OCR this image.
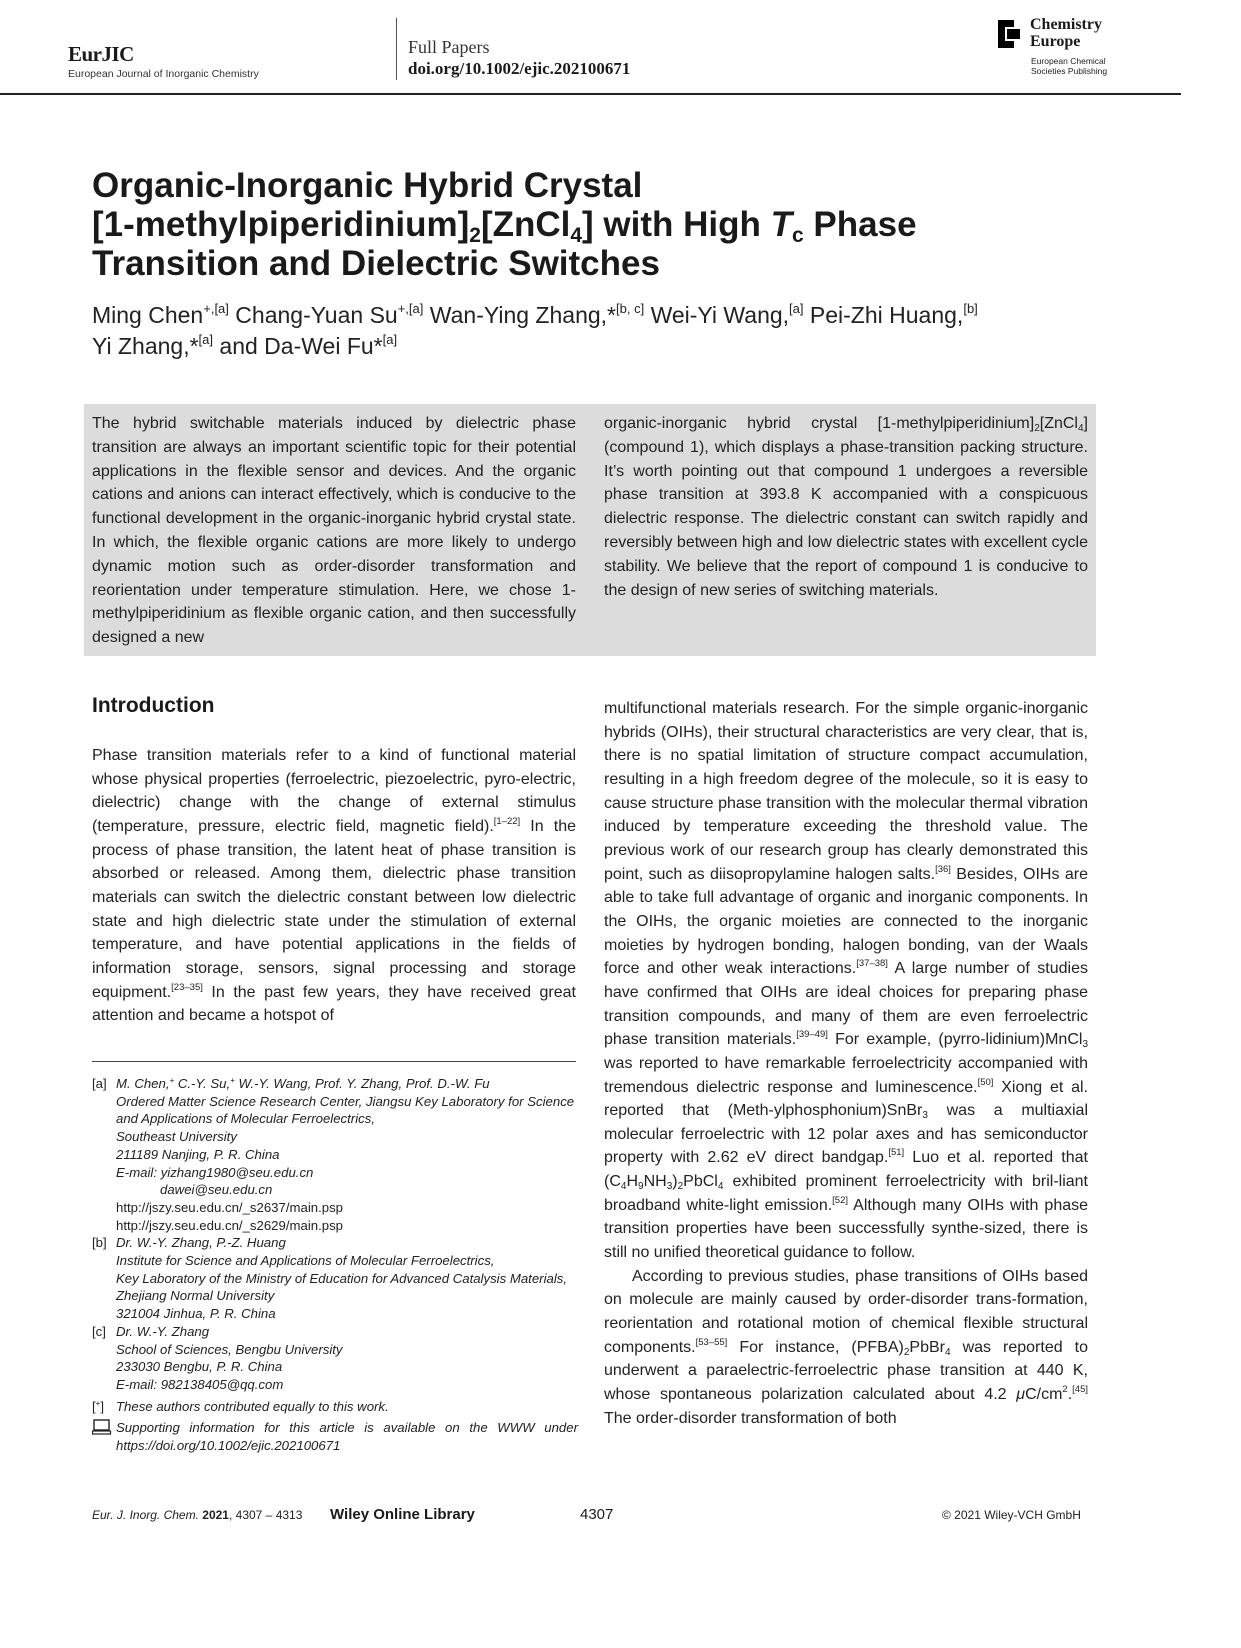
EurJIC
European Journal of Inorganic Chemistry
Full Papers
doi.org/10.1002/ejic.202100671
Chemistry
Europe
European Chemical
Societies Publishing
Organic-Inorganic Hybrid Crystal
$[1-methylpiperidinium]_2[ZnCl_4]$ with High $T_c$ Phase
Transition and Dielectric Switches
Ming Chen$^{+,[a]}$ Chang-Yuan $Su^{+,[a]}$ Wan-Ying Zhang,*[b, c] Wei-Yi Wang,[a] Pei-Zhi Huang,[b]
Yi Zhang,*[a] and Da-Wei Fu*[a]
The hybrid switchable materials induced by dielectric phase transition are always an important scientific topic for their potential applications in the flexible sensor and devices. And the organic cations and anions can interact effectively, which is conducive to the functional development in the organic-inorganic hybrid crystal state. In which, the flexible organic cations are more likely to undergo dynamic motion such as order-disorder transformation and reorientation under temperature stimulation. Here, we chose 1-methylpiperidinium as flexible organic cation, and then successfully designed a new
organic-inorganic hybrid crystal $[1-methylpiperidinium]_2[ZnCl_4]$ (compound 1), which displays a phase-transition packing structure. It’s worth pointing out that compound 1 undergoes a reversible phase transition at 393.8 K accompanied with a conspicuous dielectric response. The dielectric constant can switch rapidly and reversibly between high and low dielectric states with excellent cycle stability. We believe that the report of compound 1 is conducive to the design of new series of switching materials.
Introduction

Phase transition materials refer to a kind of functional material whose physical properties (ferroelectric, piezoelectric, pyro-electric, dielectric) change with the change of external stimulus (temperature, pressure, electric field, magnetic field).[1–22] In the process of phase transition, the latent heat of phase transition is absorbed or released. Among them, dielectric phase transition materials can switch the dielectric constant between low dielectric state and high dielectric state under the stimulation of external temperature, and have potential applications in the fields of information storage, sensors, signal processing and storage equipment.[23–35] In the past few years, they have received great attention and became a hotspot of

multifunctional materials research. For the simple organic-inorganic hybrids (OIHs), their structural characteristics are very clear, that is, there is no spatial limitation of structure compact accumulation, resulting in a high freedom degree of the molecule, so it is easy to cause structure phase transition with the molecular thermal vibration induced by temperature exceeding the threshold value. The previous work of our research group has clearly demonstrated this point, such as diisopropylamine halogen salts.[36] Besides, OIHs are able to take full advantage of organic and inorganic components. In the OIHs, the organic moieties are connected to the inorganic moieties by hydrogen bonding, halogen bonding, van der Waals force and other weak interactions.[37–38] A large number of studies have confirmed that OIHs are ideal choices for preparing phase transition compounds, and many of them are even ferroelectric phase transition materials.[39–49] For example, (pyrro-lidinium)MnCl$_3$ was reported to have remarkable ferroelectricity accompanied with tremendous dielectric response and luminescence.[50] Xiong et al. reported that (Meth-ylphosphonium)SnBr$_3$ was a multiaxial molecular ferroelectric with 12 polar axes and has semiconductor property with 2.62 eV direct bandgap.[51] Luo et al. reported that $(C_4H_9NH_3)_2PbCl_4$ exhibited prominent ferroelectricity with bril-liant broadband white-light emission.[52] Although many OIHs with phase transition properties have been successfully synthe-sized, there is still no unified theoretical guidance to follow.

According to previous studies, phase transitions of OIHs based on molecule are mainly caused by order-disorder trans-formation, reorientation and rotational motion of chemical flexible structural components.[53–55] For instance, $(PFBA)_2PbBr_4$ was reported to underwent a paraelectric-ferroelectric phase transition at 440 K, whose spontaneous polarization calculated about 4.2 $\mu C/cm^2.[45]$ The order-disorder transformation of both

[a] M. Chen,+ C.-Y. Su,+ W.-Y. Wang, Prof. Y. Zhang, Prof. D.-W. Fu
Ordered Matter Science Research Center, Jiangsu Key Laboratory for Science and Applications of Molecular Ferroelectrics,
Southeast University
211189 Nanjing, P. R. China
E-mail: yizhang1980@seu.edu.cn
dawei@seu.edu.cn
http://jszy.seu.edu.cn/_s2637/main.psp
http://jszy.seu.edu.cn/_s2629/main.psp
[b] Dr. W.-Y. Zhang, P.-Z. Huang
Institute for Science and Applications of Molecular Ferroelectrics,
Key Laboratory of the Ministry of Education for Advanced Catalysis Materials,
Zhejiang Normal University
321004 Jinhua, P. R. China
[c] Dr. W.-Y. Zhang
School of Sciences, Bengbu University
233030 Bengbu, P. R. China
E-mail: 982138405@qq.com
[+] These authors contributed equally to this work.
Supporting information for this article is available on the WWW under https://doi.org/10.1002/ejic.202100671
Eur. J. Inorg. Chem. 2021, 4307 – 4313 Wiley Online Library	4307	© 2021 Wiley-VCH GmbH
